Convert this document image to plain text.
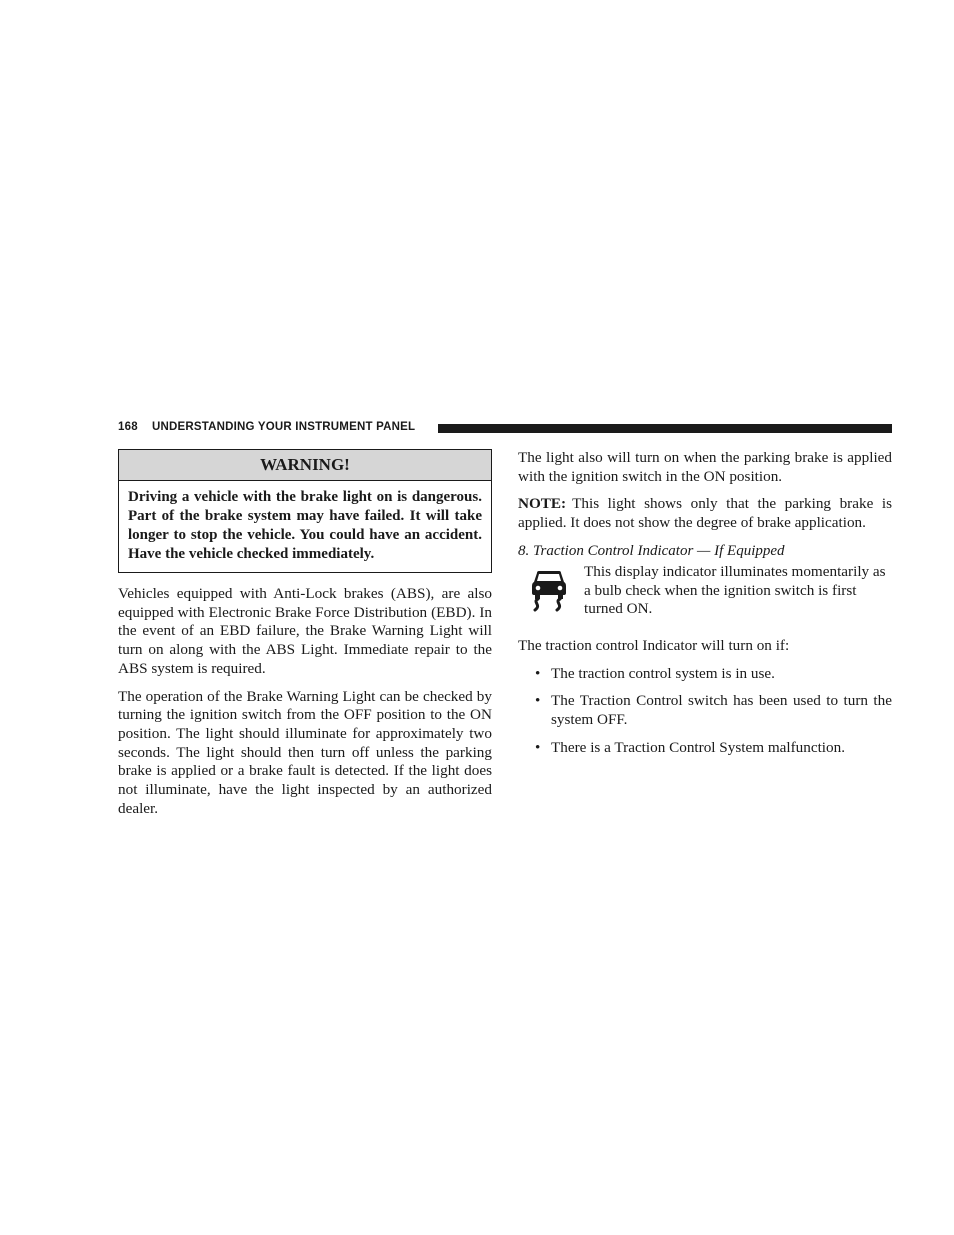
168 UNDERSTANDING YOUR INSTRUMENT PANEL
WARNING!
Driving a vehicle with the brake light on is dangerous. Part of the brake system may have failed. It will take longer to stop the vehicle. You could have an accident. Have the vehicle checked immediately.

Vehicles equipped with Anti-Lock brakes (ABS), are also equipped with Electronic Brake Force Distribution (EBD). In the event of an EBD failure, the Brake Warning Light will turn on along with the ABS Light. Immediate repair to the ABS system is required.

The operation of the Brake Warning Light can be checked by turning the ignition switch from the OFF position to the ON position. The light should illuminate for approximately two seconds. The light should then turn off unless the parking brake is applied or a brake fault is detected. If the light does not illuminate, have the light inspected by an authorized dealer.

The light also will turn on when the parking brake is applied with the ignition switch in the ON position.

NOTE: This light shows only that the parking brake is applied. It does not show the degree of brake application.

8. Traction Control Indicator — If Equipped
This display indicator illuminates momentarily as a bulb check when the ignition switch is first turned ON.

The traction control Indicator will turn on if:

• The traction control system is in use.
• The Traction Control switch has been used to turn the system OFF.
• There is a Traction Control System malfunction.
